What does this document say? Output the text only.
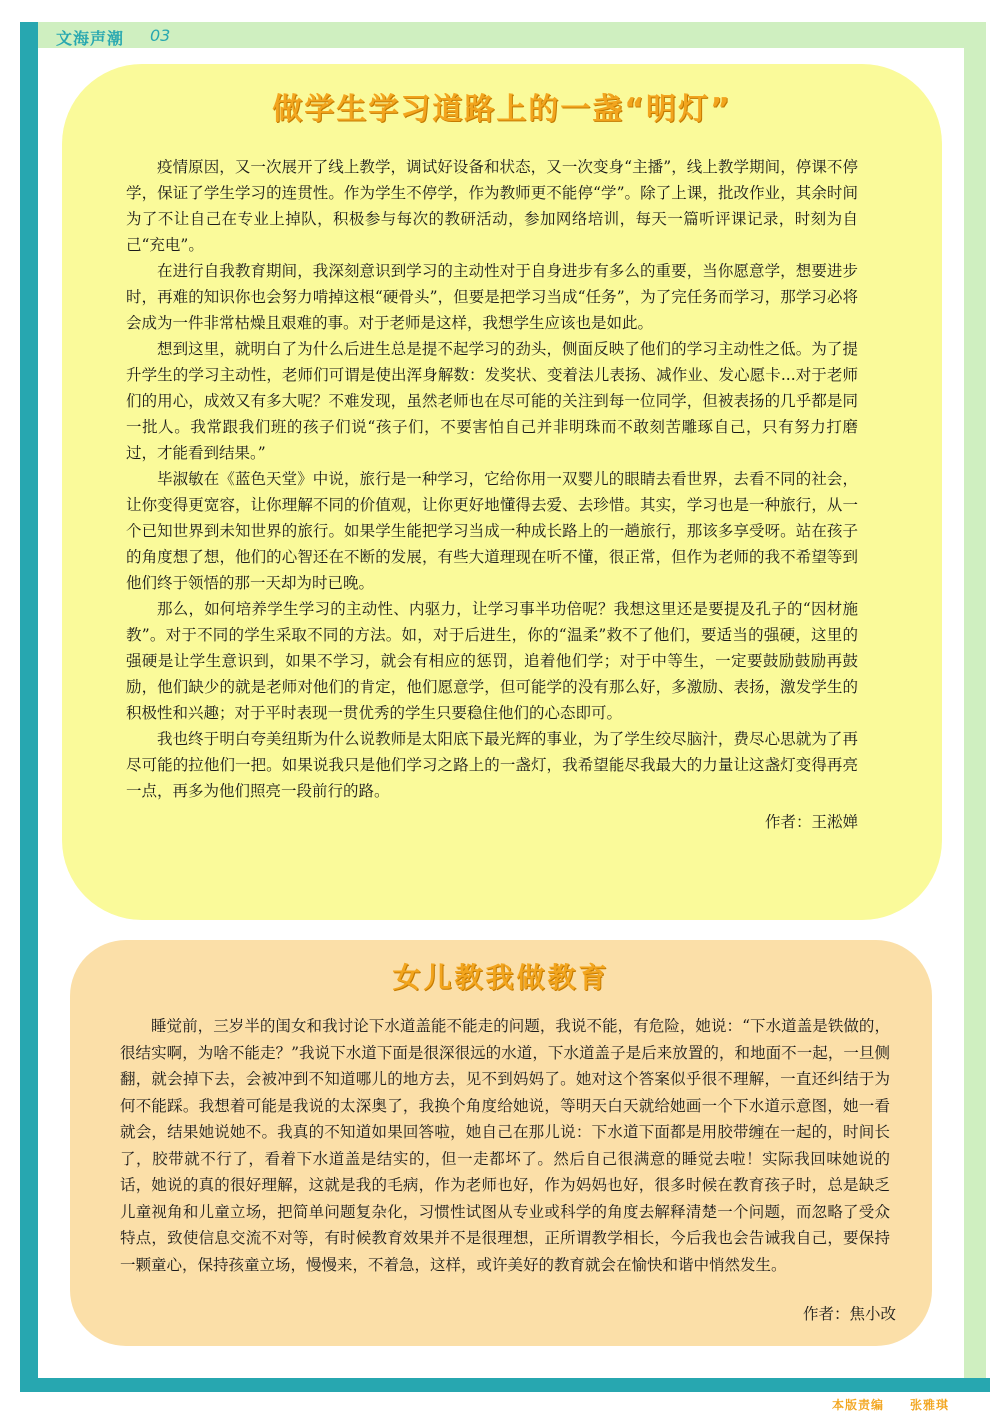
文海声潮 03
做学生学习道路上的一盏“明灯”

疫情原因，又一次展开了线上教学，调试好设备和状态，又一次变身“主播”，线上教学期间，停课不停学，保证了学生学习的连贯性。作为学生不停学，作为教师更不能停“学”。除了上课，批改作业，其余时间为了不让自己在专业上掉队，积极参与每次的教研活动，参加网络培训，每天一篇听评课记录，时刻为自己“充电”。

在进行自我教育期间，我深刻意识到学习的主动性对于自身进步有多么的重要，当你愿意学，想要进步时，再难的知识你也会努力啃掉这根“硬骨头”，但要是把学习当成“任务”，为了完任务而学习，那学习必将会成为一件非常枯燥且艰难的事。对于老师是这样，我想学生应该也是如此。

想到这里，就明白了为什么后进生总是提不起学习的劲头，侧面反映了他们的学习主动性之低。为了提升学生的学习主动性，老师们可谓是使出浑身解数：发奖状、变着法儿表扬、减作业、发心愿卡...对于老师们的用心，成效又有多大呢？不难发现，虽然老师也在尽可能的关注到每一位同学，但被表扬的几乎都是同一批人。我常跟我们班的孩子们说“孩子们，不要害怕自己并非明珠而不敢刻苦雕琢自己，只有努力打磨过，才能看到结果。”

毕淑敏在《蓝色天堂》中说，旅行是一种学习，它给你用一双婴儿的眼睛去看世界，去看不同的社会，让你变得更宽容，让你理解不同的价值观，让你更好地懂得去爱、去珍惜。其实，学习也是一种旅行，从一个已知世界到未知世界的旅行。如果学生能把学习当成一种成长路上的一趟旅行，那该多享受呀。站在孩子的角度想了想，他们的心智还在不断的发展，有些大道理现在听不懂，很正常，但作为老师的我不希望等到他们终于领悟的那一天却为时已晚。

那么，如何培养学生学习的主动性、内驱力，让学习事半功倍呢？我想这里还是要提及孔子的“因材施教”。对于不同的学生采取不同的方法。如，对于后进生，你的“温柔”救不了他们，要适当的强硬，这里的强硬是让学生意识到，如果不学习，就会有相应的惩罚，追着他们学；对于中等生，一定要鼓励鼓励再鼓励，他们缺少的就是老师对他们的肯定，他们愿意学，但可能学的没有那么好，多激励、表扬，激发学生的积极性和兴趣；对于平时表现一贯优秀的学生只要稳住他们的心态即可。

我也终于明白夸美纽斯为什么说教师是太阳底下最光辉的事业，为了学生绞尽脑汁，费尽心思就为了再尽可能的拉他们一把。如果说我只是他们学习之路上的一盏灯，我希望能尽我最大的力量让这盏灯变得再亮一点，再多为他们照亮一段前行的路。

作者：王淞婵
女儿教我做教育

睡觉前，三岁半的闺女和我讨论下水道盖能不能走的问题，我说不能，有危险，她说：“下水道盖是铁做的，很结实啊，为啥不能走？”我说下水道下面是很深很远的水道，下水道盖子是后来放置的，和地面不一起，一旦侧翻，就会掉下去，会被冲到不知道哪儿的地方去，见不到妈妈了。她对这个答案似乎很不理解，一直还纠结于为何不能踩。我想着可能是我说的太深奥了，我换个角度给她说，等明天白天就给她画一个下水道示意图，她一看就会，结果她说她不。我真的不知道如果回答啦，她自己在那儿说：下水道下面都是用胶带缠在一起的，时间长了，胶带就不行了，看着下水道盖是结实的，但一走都坏了。然后自己很满意的睡觉去啦！实际我回味她说的话，她说的真的很好理解，这就是我的毛病，作为老师也好，作为妈妈也好，很多时候在教育孩子时，总是缺乏儿童视角和儿童立场，把简单问题复杂化，习惯性试图从专业或科学的角度去解释清楚一个问题，而忽略了受众特点，致使信息交流不对等，有时候教育效果并不是很理想，正所谓教学相长，今后我也会告诫我自己，要保持一颗童心，保持孩童立场，慢慢来，不着急，这样，或许美好的教育就会在愉快和谐中悄然发生。

作者：焦小改
本版责编 张雅琪
